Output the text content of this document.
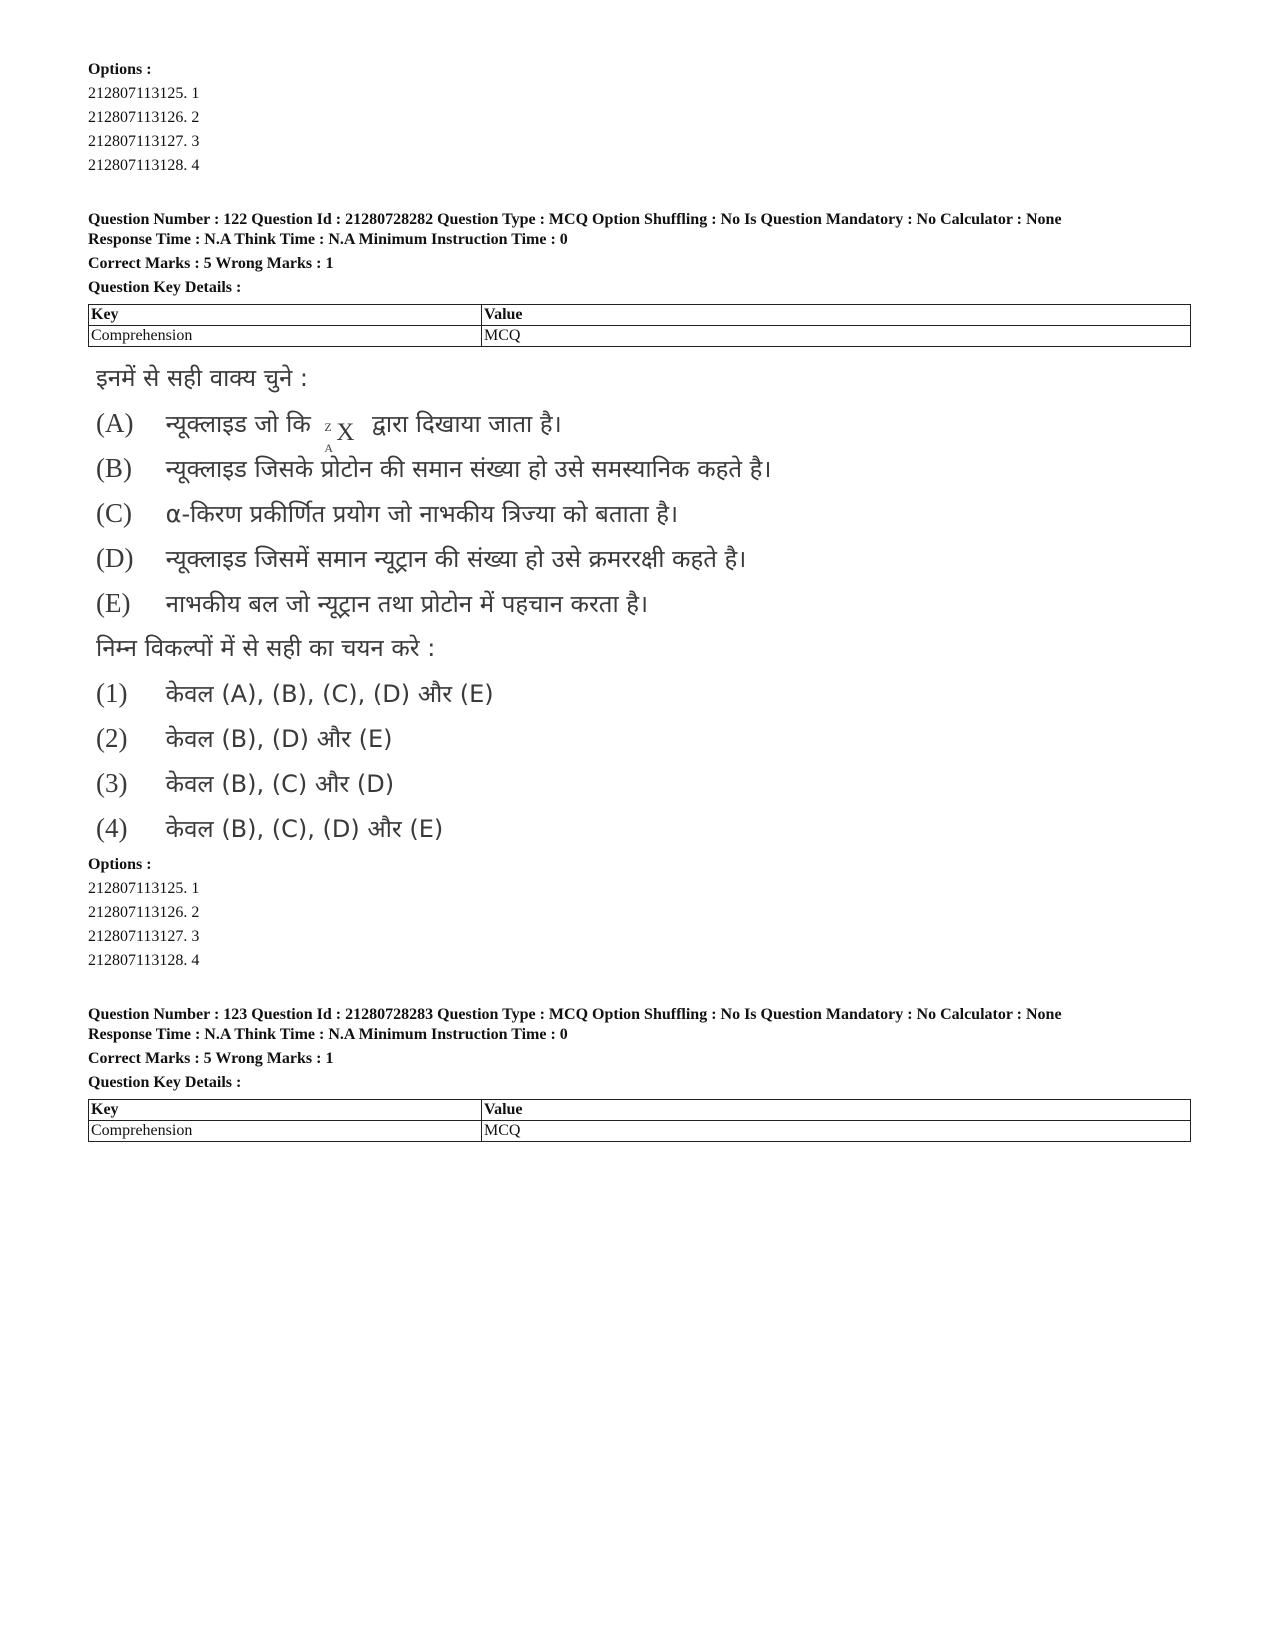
Options :
212807113125. 1
212807113126. 2
212807113127. 3
212807113128. 4
Question Number : 122 Question Id : 21280728282 Question Type : MCQ Option Shuffling : No Is Question Mandatory : No Calculator : None
Response Time : N.A Think Time : N.A Minimum Instruction Time : 0
Correct Marks : 5 Wrong Marks : 1
Question Key Details :
Key	Value
Comprehension	MCQ
इनमें से सही वाक्य चुने :
(A) न्यूक्लाइड जो कि Z
A
X द्वारा दिखाया जाता है।
(B) न्यूक्लाइड जिसके प्रोटोन की समान संख्या हो उसे समस्यानिक कहते है।
(C) α-किरण प्रकीर्णित प्रयोग जो नाभकीय त्रिज्या को बताता है।
(D) न्यूक्लाइड जिसमें समान न्यूट्रान की संख्या हो उसे क्रमररक्षी कहते है।
(E) नाभकीय बल जो न्यूट्रान तथा प्रोटोन में पहचान करता है।
निम्न विकल्पों में से सही का चयन करे :
(1) केवल (A), (B), (C), (D) और (E)
(2) केवल (B), (D) और (E)
(3) केवल (B), (C) और (D)
(4) केवल (B), (C), (D) और (E)
Options :
212807113125. 1
212807113126. 2
212807113127. 3
212807113128. 4
Question Number : 123 Question Id : 21280728283 Question Type : MCQ Option Shuffling : No Is Question Mandatory : No Calculator : None
Response Time : N.A Think Time : N.A Minimum Instruction Time : 0
Correct Marks : 5 Wrong Marks : 1
Question Key Details :
Key	Value
Comprehension	MCQ
